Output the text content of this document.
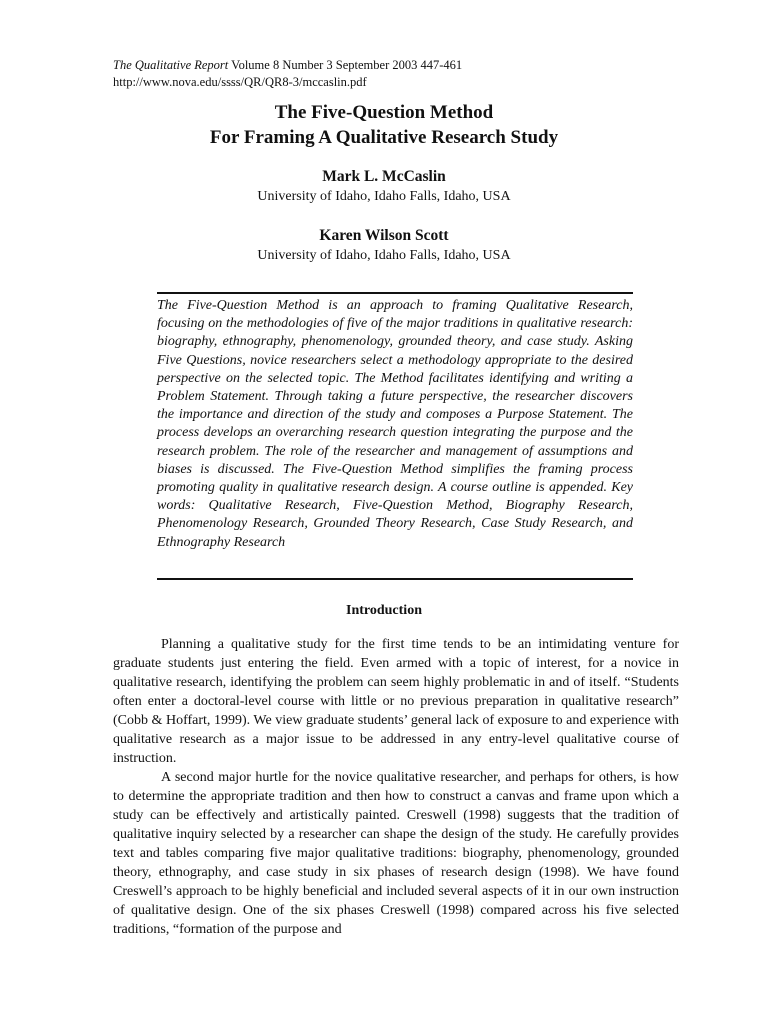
The Qualitative Report Volume 8 Number 3 September 2003 447-461
http://www.nova.edu/ssss/QR/QR8-3/mccaslin.pdf
The Five-Question Method
For Framing A Qualitative Research Study
Mark L. McCaslin
University of Idaho, Idaho Falls, Idaho, USA
Karen Wilson Scott
University of Idaho, Idaho Falls, Idaho, USA
The Five-Question Method is an approach to framing Qualitative Research, focusing on the methodologies of five of the major traditions in qualitative research: biography, ethnography, phenomenology, grounded theory, and case study. Asking Five Questions, novice researchers select a methodology appropriate to the desired perspective on the selected topic. The Method facilitates identifying and writing a Problem Statement. Through taking a future perspective, the researcher discovers the importance and direction of the study and composes a Purpose Statement. The process develops an overarching research question integrating the purpose and the research problem. The role of the researcher and management of assumptions and biases is discussed. The Five-Question Method simplifies the framing process promoting quality in qualitative research design. A course outline is appended. Key words: Qualitative Research, Five-Question Method, Biography Research, Phenomenology Research, Grounded Theory Research, Case Study Research, and Ethnography Research
Introduction

Planning a qualitative study for the first time tends to be an intimidating venture for graduate students just entering the field. Even armed with a topic of interest, for a novice in qualitative research, identifying the problem can seem highly problematic in and of itself. “Students often enter a doctoral-level course with little or no previous preparation in qualitative research” (Cobb & Hoffart, 1999). We view graduate students’ general lack of exposure to and experience with qualitative research as a major issue to be addressed in any entry-level qualitative course of instruction.

A second major hurtle for the novice qualitative researcher, and perhaps for others, is how to determine the appropriate tradition and then how to construct a canvas and frame upon which a study can be effectively and artistically painted. Creswell (1998) suggests that the tradition of qualitative inquiry selected by a researcher can shape the design of the study. He carefully provides text and tables comparing five major qualitative traditions: biography, phenomenology, grounded theory, ethnography, and case study in six phases of research design (1998). We have found Creswell’s approach to be highly beneficial and included several aspects of it in our own instruction of qualitative design. One of the six phases Creswell (1998) compared across his five selected traditions, “formation of the purpose and
